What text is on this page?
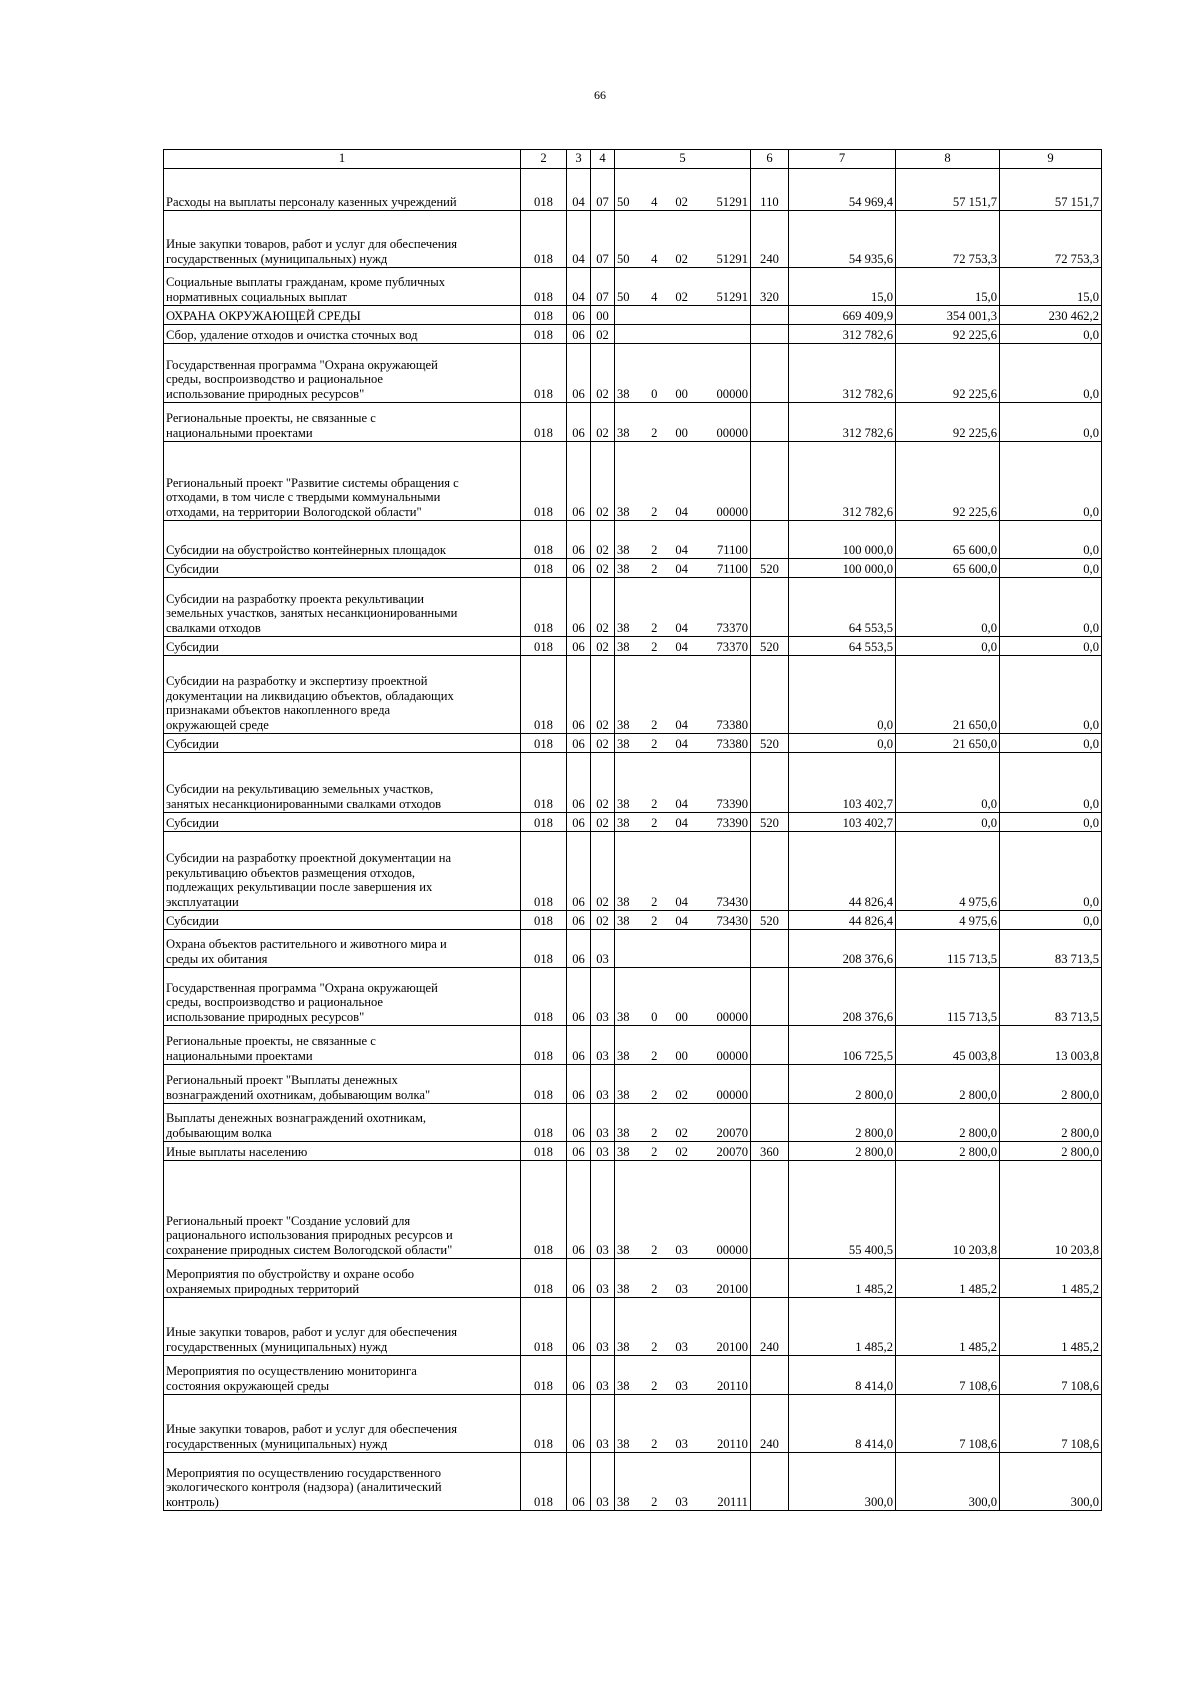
66
1	2	3	4	5	6	7	8	9
Расходы на выплаты персоналу казенных учреждений	018	04	07	50 4 02 51291	110	54 969,4	57 151,7	57 151,7
Иные закупки товаров, работ и услуг для обеспечения
государственных (муниципальных) нужд	018	04	07	50 4 02 51291	240	54 935,6	72 753,3	72 753,3
Социальные выплаты гражданам, кроме публичных
нормативных социальных выплат	018	04	07	50 4 02 51291	320	15,0	15,0	15,0
ОХРАНА ОКРУЖАЮЩЕЙ СРЕДЫ	018	06	00			669 409,9	354 001,3	230 462,2
Сбор, удаление отходов и очистка сточных вод	018	06	02			312 782,6	92 225,6	0,0
Государственная программа "Охрана окружающей
среды, воспроизводство и рациональное
использование природных ресурсов"	018	06	02	38 0 00 00000		312 782,6	92 225,6	0,0
Региональные проекты, не связанные с
национальными проектами	018	06	02	38 2 00 00000		312 782,6	92 225,6	0,0
Региональный проект "Развитие системы обращения с
отходами, в том числе с твердыми коммунальными
отходами, на территории Вологодской области"	018	06	02	38 2 04 00000		312 782,6	92 225,6	0,0
Субсидии на обустройство контейнерных площадок	018	06	02	38 2 04 71100		100 000,0	65 600,0	0,0
Субсидии	018	06	02	38 2 04 71100	520	100 000,0	65 600,0	0,0
Субсидии на разработку проекта рекультивации
земельных участков, занятых несанкционированными
свалками отходов	018	06	02	38 2 04 73370		64 553,5	0,0	0,0
Субсидии	018	06	02	38 2 04 73370	520	64 553,5	0,0	0,0
Субсидии на разработку и экспертизу проектной
документации на ликвидацию объектов, обладающих
признаками объектов накопленного вреда
окружающей среде	018	06	02	38 2 04 73380		0,0	21 650,0	0,0
Субсидии	018	06	02	38 2 04 73380	520	0,0	21 650,0	0,0
Субсидии на рекультивацию земельных участков,
занятых несанкционированными свалками отходов	018	06	02	38 2 04 73390		103 402,7	0,0	0,0
Субсидии	018	06	02	38 2 04 73390	520	103 402,7	0,0	0,0
Субсидии на разработку проектной документации на
рекультивацию объектов размещения отходов,
подлежащих рекультивации после завершения их
эксплуатации	018	06	02	38 2 04 73430		44 826,4	4 975,6	0,0
Субсидии	018	06	02	38 2 04 73430	520	44 826,4	4 975,6	0,0
Охрана объектов растительного и животного мира и
среды их обитания	018	06	03			208 376,6	115 713,5	83 713,5
Государственная программа "Охрана окружающей
среды, воспроизводство и рациональное
использование природных ресурсов"	018	06	03	38 0 00 00000		208 376,6	115 713,5	83 713,5
Региональные проекты, не связанные с
национальными проектами	018	06	03	38 2 00 00000		106 725,5	45 003,8	13 003,8
Региональный проект "Выплаты денежных
вознаграждений охотникам, добывающим волка"	018	06	03	38 2 02 00000		2 800,0	2 800,0	2 800,0
Выплаты денежных вознаграждений охотникам,
добывающим волка	018	06	03	38 2 02 20070		2 800,0	2 800,0	2 800,0
Иные выплаты населению	018	06	03	38 2 02 20070	360	2 800,0	2 800,0	2 800,0
Региональный проект "Создание условий для
рационального использования природных ресурсов и
сохранение природных систем Вологодской области"	018	06	03	38 2 03 00000		55 400,5	10 203,8	10 203,8
Мероприятия по обустройству и охране особо
охраняемых природных территорий	018	06	03	38 2 03 20100		1 485,2	1 485,2	1 485,2
Иные закупки товаров, работ и услуг для обеспечения
государственных (муниципальных) нужд	018	06	03	38 2 03 20100	240	1 485,2	1 485,2	1 485,2
Мероприятия по осуществлению мониторинга
состояния окружающей среды	018	06	03	38 2 03 20110		8 414,0	7 108,6	7 108,6
Иные закупки товаров, работ и услуг для обеспечения
государственных (муниципальных) нужд	018	06	03	38 2 03 20110	240	8 414,0	7 108,6	7 108,6
Мероприятия по осуществлению государственного
экологического контроля (надзора) (аналитический
контроль)	018	06	03	38 2 03 20111		300,0	300,0	300,0
